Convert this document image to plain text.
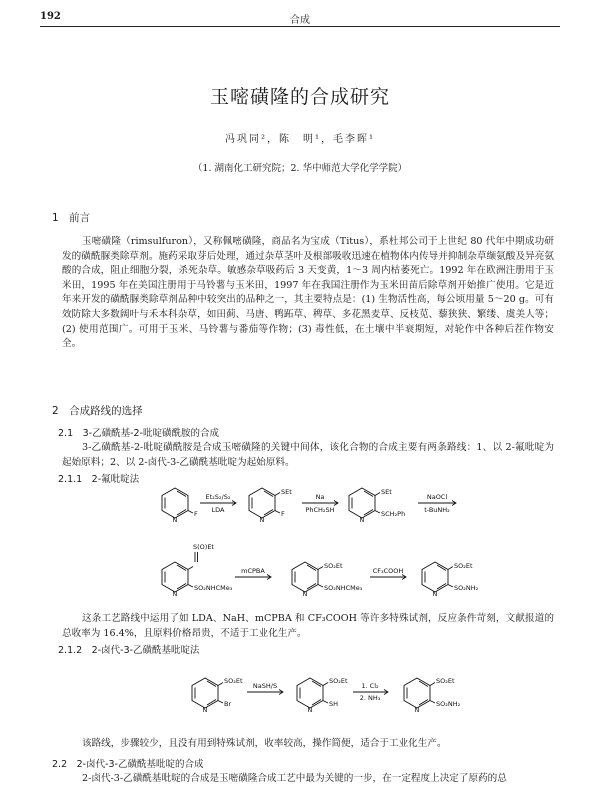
192	合成
玉嘧磺隆的合成研究
冯巩同²，陈　明¹，毛李晖¹
（1. 湖南化工研究院；2. 华中师范大学化学学院）
1　前言

玉嘧磺隆（rimsulfuron），又称佩嘧磺隆，商品名为宝成（Titus），系杜邦公司于上世纪 80 代年中期成功研发的磺酰脲类除草剂。施药采取芽后处理，通过杂草茎叶及根部吸收迅速在植物体内传导并抑制杂草缬氨酸及异亮氨酸的合成，阻止细胞分裂，杀死杂草。敏感杂草吸药后 3 天变黄，1～3 周内枯萎死亡。1992 年在欧洲注册用于玉米田，1995 年在美国注册用于马铃薯与玉米田，1997 年在我国注册作为玉米田苗后除草剂开始推广使用。它是近年来开发的磺酰脲类除草剂品种中较突出的品种之一，其主要特点是：(1) 生物活性高，每公顷用量 5～20 g。可有效防除大多数阔叶与禾本科杂草，如田蓟、马唐、鸭跖草、稗草、多花黑麦草、反枝苋、藜狭狭、繁缕、虞美人等；(2) 使用范围广。可用于玉米、马铃薯与番茄等作物；(3) 毒性低，在土壤中半衰期短，对轮作中各种后茬作物安全。

2　合成路线的选择
2.1　3-乙磺酰基-2-吡啶磺酰胺的合成

3-乙磺酰基-2-吡啶磺酰胺是合成玉嘧磺隆的关键中间体，该化合物的合成主要有两条路线：1、以 2-氟吡啶为起始原料；2、以 2-卤代-3-乙磺酰基吡啶为起始原料。

2.1.1　2-氟吡啶法
N	N	N
N	N	N
F
SEt
F
SEt
SCH₂Ph
S(O)Et
SO₂NHCMe₃
SO₂Et
SO₂NHCMe₃
SO₂Et
SO₂NH₂
Et₂S₂/S₂
LDA
Na
PhCH₂SH
NaOCl
t-BuNH₂
mCPBA	CF₃COOH

这条工艺路线中运用了如 LDA、NaH、mCPBA 和 CF₃COOH 等许多特殊试剂，反应条件苛刻，文献报道的总收率为 16.4%，且原料价格昂贵，不适于工业化生产。

2.1.2　2-卤代-3-乙磺酰基吡啶法
N	N	N
SO₂Et
Br
SO₂Et
SH
SO₂Et
SO₂NH₂
NaSH/S	1. Cl₂
2. NH₃

该路线，步骤较少，且没有用到特殊试剂，收率较高，操作简便，适合于工业化生产。

2.2　2-卤代-3-乙磺酰基吡啶的合成

2-卤代-3-乙磺酰基吡啶的合成是玉嘧磺隆合成工艺中最为关键的一步，在一定程度上决定了原药的总
